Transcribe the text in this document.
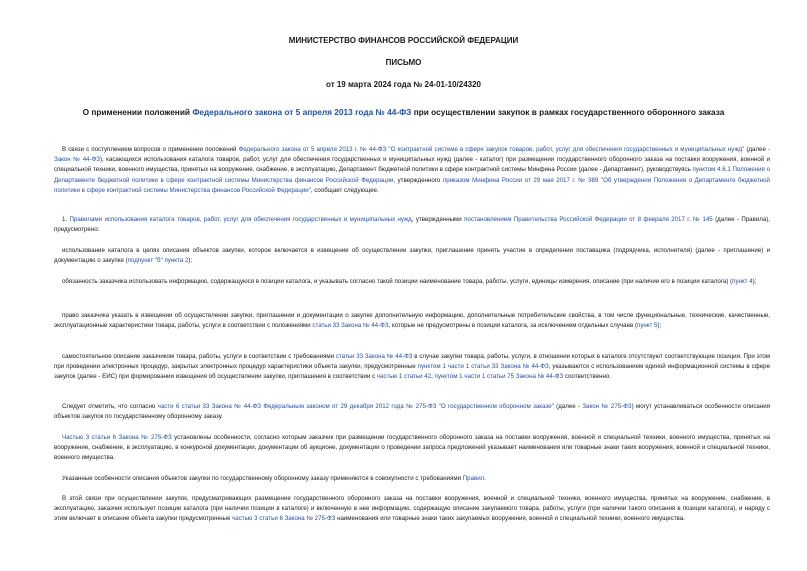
МИНИСТЕРСТВО ФИНАНСОВ РОССИЙСКОЙ ФЕДЕРАЦИИ
ПИСЬМО
от 19 марта 2024 года № 24-01-10/24320
О применении положений Федерального закона от 5 апреля 2013 года № 44-ФЗ при осуществлении закупок в рамках государственного оборонного заказа

В связи с поступлением вопросов о применении положений Федерального закона от 5 апреля 2013 г. № 44-ФЗ "О контрактной системе в сфере закупок товаров, работ, услуг для обеспечения государственных и муниципальных нужд" (далее - Закон № 44-ФЗ), касающихся использования каталога товаров, работ, услуг для обеспечения государственных и муниципальных нужд (далее - каталог) при размещении государственного оборонного заказа на поставки вооружения, военной и специальной техники, военного имущества, принятых на вооружение, снабжение, в эксплуатацию, Департамент бюджетной политики в сфере контрактной системы Минфина России (далее - Департамент), руководствуясь пунктом 4.6.1 Положения о Департаменте бюджетной политики в сфере контрактной системы Министерства финансов Российской Федерации, утвержденного приказом Минфина России от 29 мая 2017 г. № 389 "Об утверждении Положения о Департаменте бюджетной политики в сфере контрактной системы Министерства финансов Российской Федерации", сообщает следующее.

1. Правилами использования каталога товаров, работ, услуг для обеспечения государственных и муниципальных нужд, утвержденными постановлением Правительства Российской Федерации от 8 февраля 2017 г. № 145 (далее - Правила), предусмотрено:

использование каталога в целях описания объектов закупки, которое включается в извещение об осуществлении закупки, приглашение принять участие в определении поставщика (подрядчика, исполнителя) (далее - приглашение) и документацию о закупке (подпункт "б" пункта 2);

обязанность заказчика использовать информацию, содержащуюся в позиции каталога, и указывать согласно такой позиции наименование товара, работы, услуги, единицы измерения, описание (при наличии его в позиции каталога) (пункт 4);

право заказчика указать в извещении об осуществлении закупки, приглашении и документации о закупке дополнительную информацию, дополнительные потребительские свойства, в том числе функциональные, технические, качественные, эксплуатационные характеристики товара, работы, услуги в соответствии с положениями статьи 33 Закона № 44-ФЗ, которые не предусмотрены в позиции каталога, за исключением отдельных случаев (пункт 5);

самостоятельное описание заказчиком товара, работы, услуги в соответствии с требованиями статьи 33 Закона № 44-ФЗ в случае закупки товара, работы, услуги, в отношении которых в каталоге отсутствуют соответствующие позиции. При этом при проведении электронных процедур, закрытых электронных процедур характеристики объекта закупки, предусмотренные пунктом 1 части 1 статьи 33 Закона № 44-ФЗ, указываются с использованием единой информационной системы в сфере закупок (далее - ЕИС) при формировании извещения об осуществлении закупки, приглашения в соответствии с частью 1 статьи 42, пунктом 1 части 1 статьи 75 Закона № 44-ФЗ соответственно.

Следует отметить, что согласно части 6 статьи 33 Закона № 44-ФЗ Федеральным законом от 29 декабря 2012 года № 275-ФЗ "О государственном оборонном заказе" (далее - Закон № 275-ФЗ) могут устанавливаться особенности описания объектов закупок по государственному оборонному заказу.

Частью 3 статьи 6 Закона № 275-ФЗ установлены особенности, согласно которым заказчик при размещении государственного оборонного заказа на поставки вооружения, военной и специальной техники, военного имущества, принятых на вооружение, снабжение, в эксплуатацию, в конкурсной документации, документации об аукционе, документации о проведении запроса предложений указывает наименования или товарные знаки таких вооружения, военной и специальной техники, военного имущества.

Указанные особенности описания объектов закупки по государственному оборонному заказу применяются в совокупности с требованиями Правил.

В этой связи при осуществлении закупок, предусматривающих размещение государственного оборонного заказа на поставки вооружения, военной и специальной техники, военного имущества, принятых на вооружение, снабжение, в эксплуатацию, заказчик использует позиции каталога (при наличии позиции в каталоге) и включенную в нее информацию, содержащую описание закупаемого товара, работы, услуги (при наличии такого описания в позиции каталога), и наряду с этим включает в описание объекта закупки предусмотренные частью 3 статьи 6 Закона № 275-ФЗ наименования или товарные знаки таких закупаемых вооружения, военной и специальной техники, военного имущества.
